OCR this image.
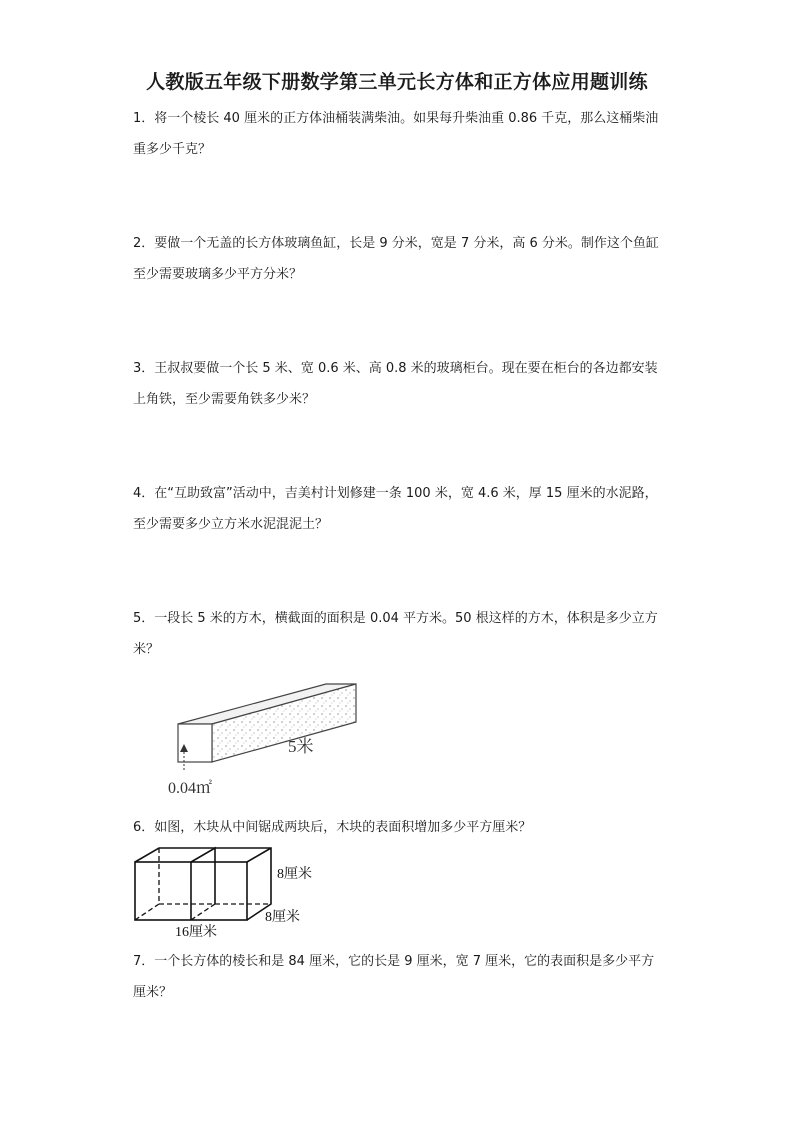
人教版五年级下册数学第三单元长方体和正方体应用题训练

1．将一个棱长 40 厘米的正方体油桶装满柴油。如果每升柴油重 0.86 千克，那么这桶柴油重多少千克？

2．要做一个无盖的长方体玻璃鱼缸，长是 9 分米，宽是 7 分米，高 6 分米。制作这个鱼缸至少需要玻璃多少平方分米？

3．王叔叔要做一个长 5 米、宽 0.6 米、高 0.8 米的玻璃柜台。现在要在柜台的各边都安装上角铁，至少需要角铁多少米？

4．在“互助致富”活动中，吉美村计划修建一条 100 米，宽 4.6 米，厚 15 厘米的水泥路，至少需要多少立方米水泥混泥土？

5．一段长 5 米的方木，横截面的面积是 0.04 平方米。50 根这样的方木，体积是多少立方米？

5米
0.04㎡

6．如图，木块从中间锯成两块后，木块的表面积增加多少平方厘米？

8厘米
8厘米
16厘米

7．一个长方体的棱长和是 84 厘米，它的长是 9 厘米，宽 7 厘米，它的表面积是多少平方厘米？
